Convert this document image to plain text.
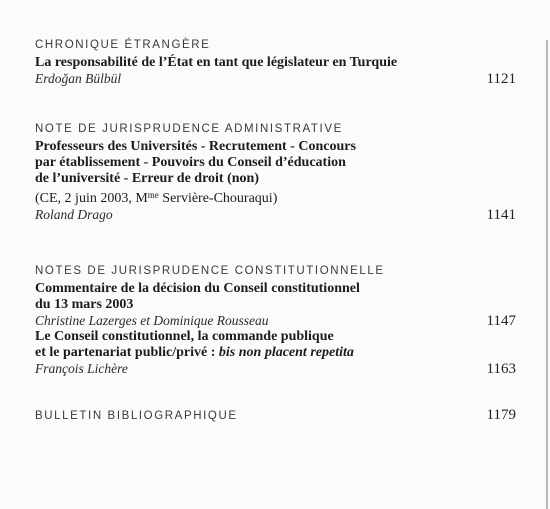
CHRONIQUE ÉTRANGÈRE
La responsabilité de l’État en tant que législateur en Turquie
Erdoğan Bülbül	1121
NOTE DE JURISPRUDENCE ADMINISTRATIVE
Professeurs des Universités - Recrutement - Concours
par établissement - Pouvoirs du Conseil d’éducation
de l’université - Erreur de droit (non)
(CE, 2 juin 2003, $M^{me}$ Servière-Chouraqui)
Roland Drago	1141
NOTES DE JURISPRUDENCE CONSTITUTIONNELLE
Commentaire de la décision du Conseil constitutionnel
du 13 mars 2003
Christine Lazerges et Dominique Rousseau	1147
Le Conseil constitutionnel, la commande publique
et le partenariat public/privé : bis non placent repetita
François Lichère	1163
BULLETIN BIBLIOGRAPHIQUE	1179
